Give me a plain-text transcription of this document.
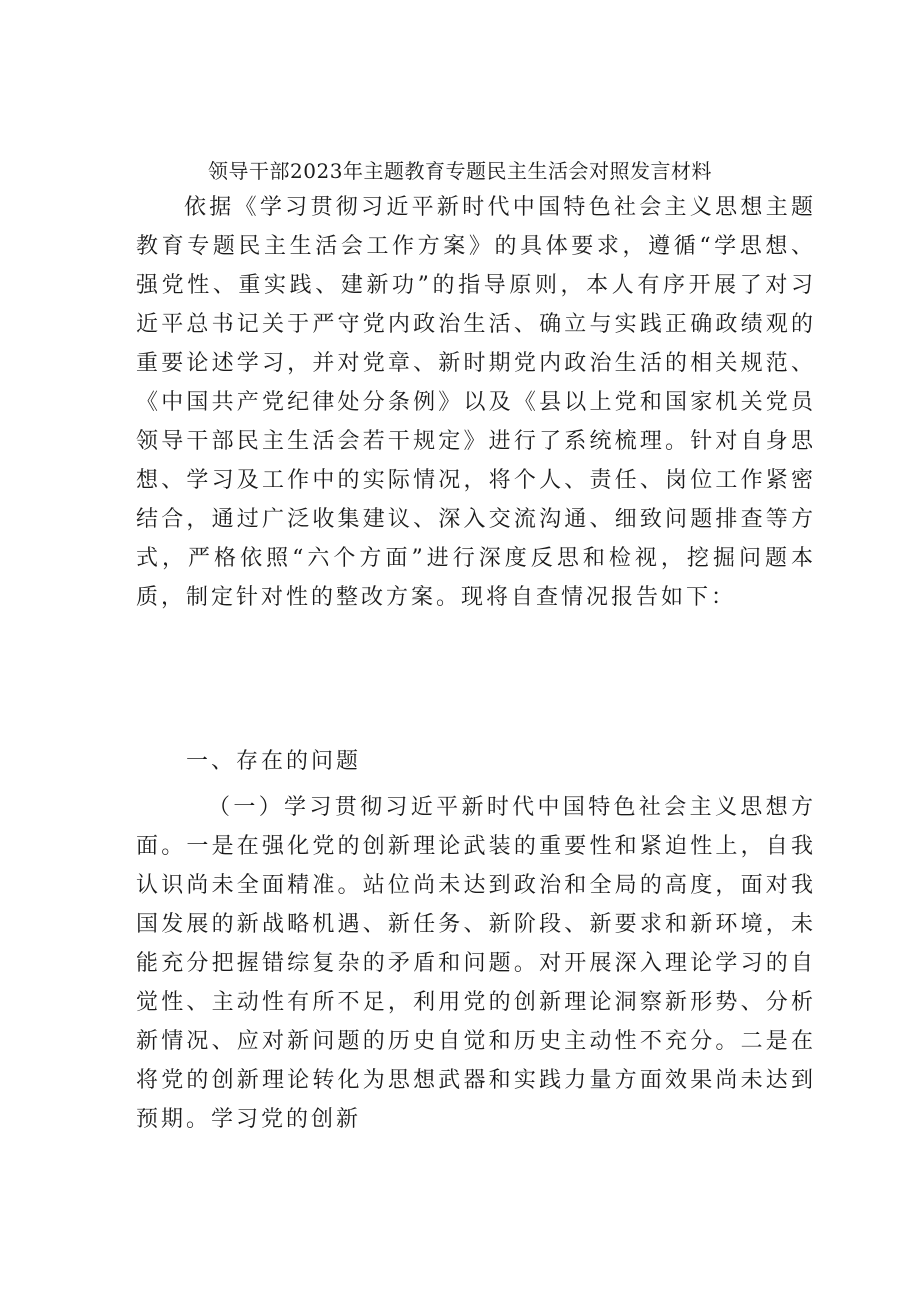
领导干部2023年主题教育专题民主生活会对照发言材料

依据《学习贯彻习近平新时代中国特色社会主义思想主题教育专题民主生活会工作方案》的具体要求，遵循“学思想、强党性、重实践、建新功”的指导原则，本人有序开展了对习近平总书记关于严守党内政治生活、确立与实践正确政绩观的重要论述学习，并对党章、新时期党内政治生活的相关规范、《中国共产党纪律处分条例》以及《县以上党和国家机关党员领导干部民主生活会若干规定》进行了系统梳理。针对自身思想、学习及工作中的实际情况，将个人、责任、岗位工作紧密结合，通过广泛收集建议、深入交流沟通、细致问题排查等方式，严格依照“六个方面”进行深度反思和检视，挖掘问题本质，制定针对性的整改方案。现将自查情况报告如下：

一、存在的问题

（一）学习贯彻习近平新时代中国特色社会主义思想方面。一是在强化党的创新理论武装的重要性和紧迫性上，自我认识尚未全面精准。站位尚未达到政治和全局的高度，面对我国发展的新战略机遇、新任务、新阶段、新要求和新环境，未能充分把握错综复杂的矛盾和问题。对开展深入理论学习的自觉性、主动性有所不足，利用党的创新理论洞察新形势、分析新情况、应对新问题的历史自觉和历史主动性不充分。二是在将党的创新理论转化为思想武器和实践力量方面效果尚未达到预期。学习党的创新
